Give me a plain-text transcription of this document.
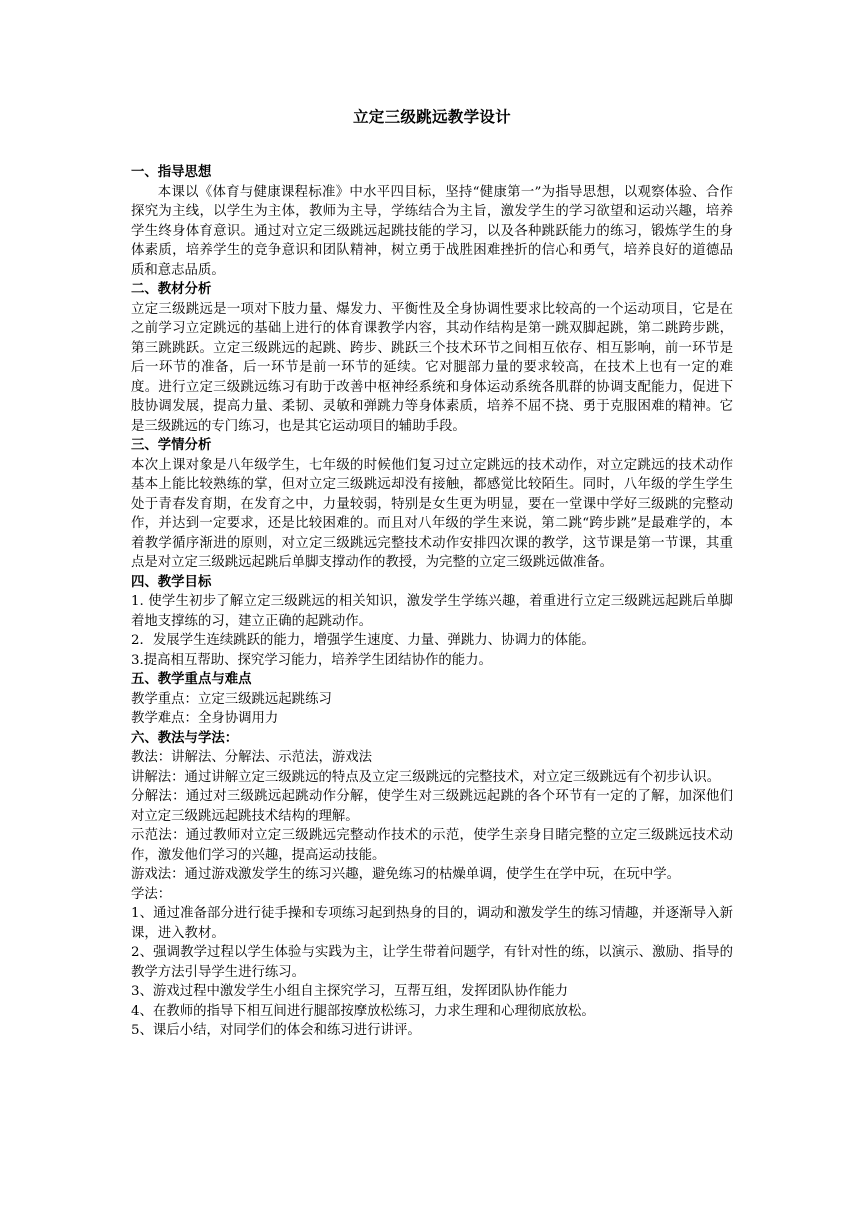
立定三级跳远教学设计

一、指导思想

本课以《体育与健康课程标准》中水平四目标，坚持“健康第一”为指导思想，以观察体验、合作探究为主线，以学生为主体，教师为主导，学练结合为主旨，激发学生的学习欲望和运动兴趣，培养学生终身体育意识。通过对立定三级跳远起跳技能的学习，以及各种跳跃能力的练习，锻炼学生的身体素质，培养学生的竞争意识和团队精神，树立勇于战胜困难挫折的信心和勇气，培养良好的道德品质和意志品质。

二、教材分析

立定三级跳远是一项对下肢力量、爆发力、平衡性及全身协调性要求比较高的一个运动项目，它是在之前学习立定跳远的基础上进行的体育课教学内容，其动作结构是第一跳双脚起跳，第二跳跨步跳，第三跳跳跃。立定三级跳远的起跳、跨步、跳跃三个技术环节之间相互依存、相互影响，前一环节是后一环节的准备，后一环节是前一环节的延续。它对腿部力量的要求较高，在技术上也有一定的难度。进行立定三级跳远练习有助于改善中枢神经系统和身体运动系统各肌群的协调支配能力，促进下肢协调发展，提高力量、柔韧、灵敏和弹跳力等身体素质，培养不屈不挠、勇于克服困难的精神。它是三级跳远的专门练习，也是其它运动项目的辅助手段。

三、学情分析

本次上课对象是八年级学生，七年级的时候他们复习过立定跳远的技术动作，对立定跳远的技术动作基本上能比较熟练的掌，但对立定三级跳远却没有接触，都感觉比较陌生。同时，八年级的学生学生处于青春发育期，在发育之中，力量较弱，特别是女生更为明显，要在一堂课中学好三级跳的完整动作，并达到一定要求，还是比较困难的。而且对八年级的学生来说，第二跳“跨步跳”是最难学的，本着教学循序渐进的原则，对立定三级跳远完整技术动作安排四次课的教学，这节课是第一节课，其重点是对立定三级跳远起跳后单脚支撑动作的教授，为完整的立定三级跳远做准备。

四、教学目标

1. 使学生初步了解立定三级跳远的相关知识，激发学生学练兴趣，着重进行立定三级跳远起跳后单脚着地支撑练的习，建立正确的起跳动作。

2．发展学生连续跳跃的能力，增强学生速度、力量、弹跳力、协调力的体能。

3.提高相互帮助、探究学习能力，培养学生团结协作的能力。

五、教学重点与难点

教学重点：立定三级跳远起跳练习

教学难点：全身协调用力

六、教法与学法：

教法：讲解法、分解法、示范法，游戏法

讲解法：通过讲解立定三级跳远的特点及立定三级跳远的完整技术，对立定三级跳远有个初步认识。

分解法：通过对三级跳远起跳动作分解，使学生对三级跳远起跳的各个环节有一定的了解，加深他们对立定三级跳远起跳技术结构的理解。

示范法：通过教师对立定三级跳远完整动作技术的示范，使学生亲身目睹完整的立定三级跳远技术动作，激发他们学习的兴趣，提高运动技能。

游戏法：通过游戏激发学生的练习兴趣，避免练习的枯燥单调，使学生在学中玩，在玩中学。

学法：

1、通过准备部分进行徒手操和专项练习起到热身的目的，调动和激发学生的练习情趣，并逐渐导入新课，进入教材。

2、强调教学过程以学生体验与实践为主，让学生带着问题学，有针对性的练，以演示、激励、指导的教学方法引导学生进行练习。

3、游戏过程中激发学生小组自主探究学习，互帮互组，发挥团队协作能力

4、在教师的指导下相互间进行腿部按摩放松练习，力求生理和心理彻底放松。

5、课后小结，对同学们的体会和练习进行讲评。
